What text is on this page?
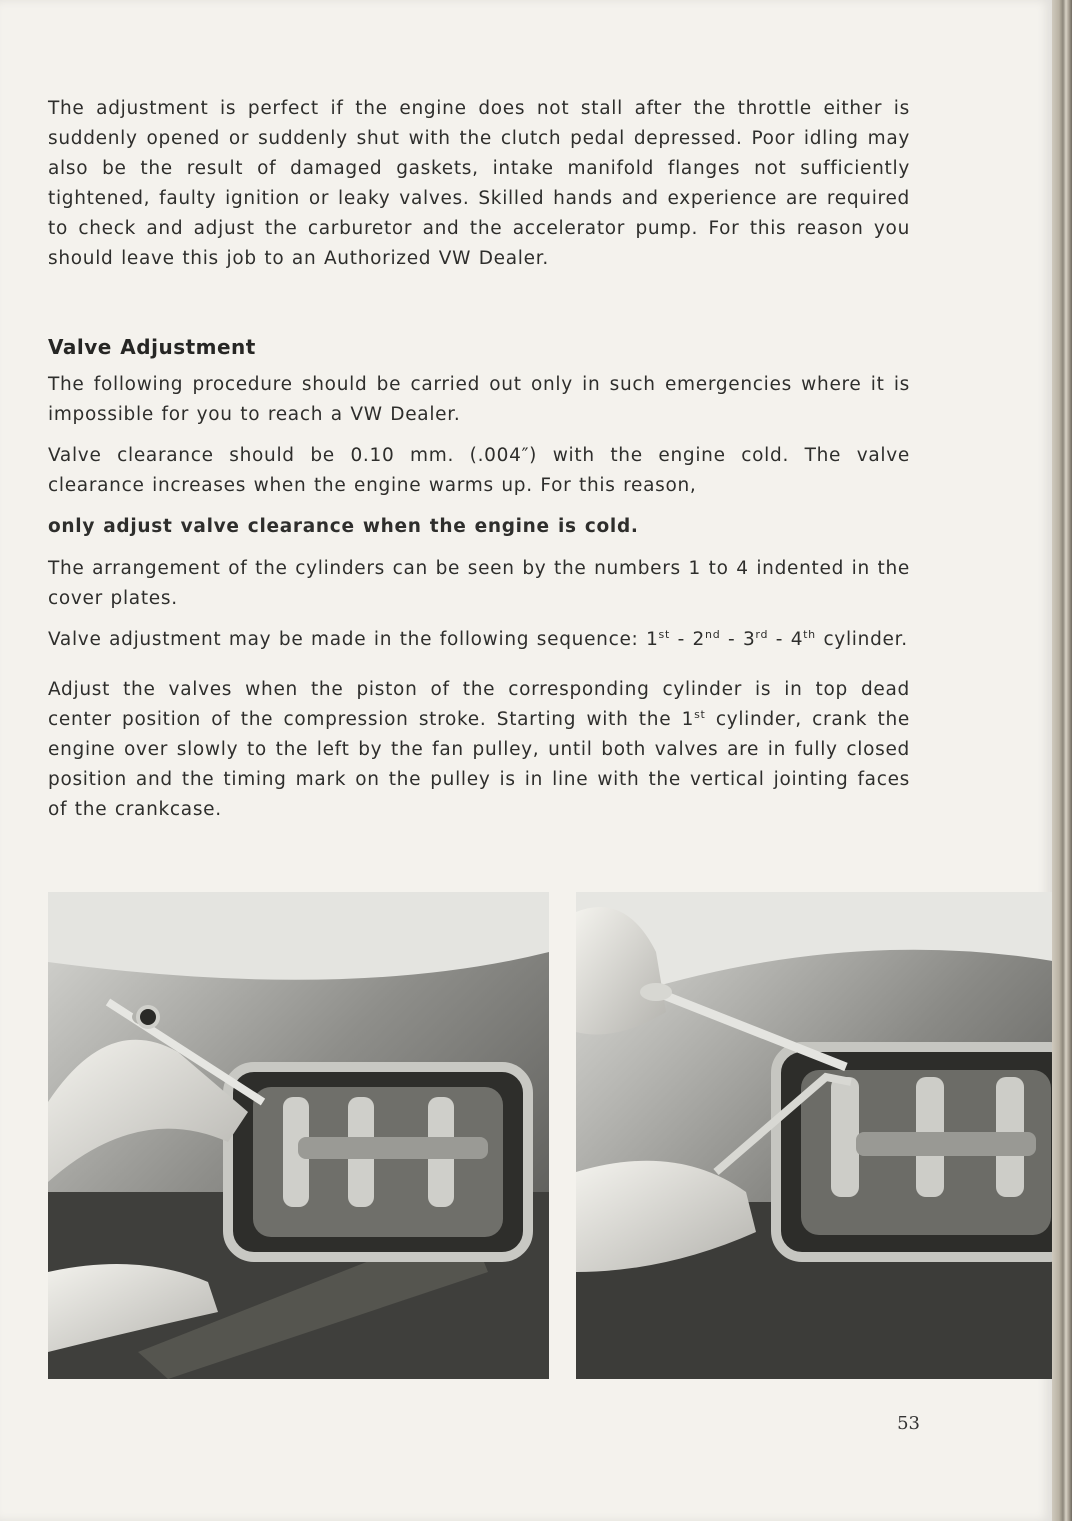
The adjustment is perfect if the engine does not stall after the throttle either is suddenly opened or suddenly shut with the clutch pedal depressed. Poor idling may also be the result of damaged gaskets, intake manifold flanges not sufficiently tightened, faulty ignition or leaky valves. Skilled hands and experience are required to check and adjust the carburetor and the accelerator pump. For this reason you should leave this job to an Authorized VW Dealer.

Valve Adjustment

The following procedure should be carried out only in such emergencies where it is impossible for you to reach a VW Dealer.

Valve clearance should be 0.10 mm. (.004″) with the engine cold. The valve clearance increases when the engine warms up. For this reason,

only adjust valve clearance when the engine is cold.

The arrangement of the cylinders can be seen by the numbers 1 to 4 indented in the cover plates.

Valve adjustment may be made in the following sequence: 1st - 2nd - 3rd - 4th cylinder.

Adjust the valves when the piston of the corresponding cylinder is in top dead center position of the compression stroke. Starting with the 1st cylinder, crank the engine over slowly to the left by the fan pulley, until both valves are in fully closed position and the timing mark on the pulley is in line with the vertical jointing faces of the crankcase.

53
